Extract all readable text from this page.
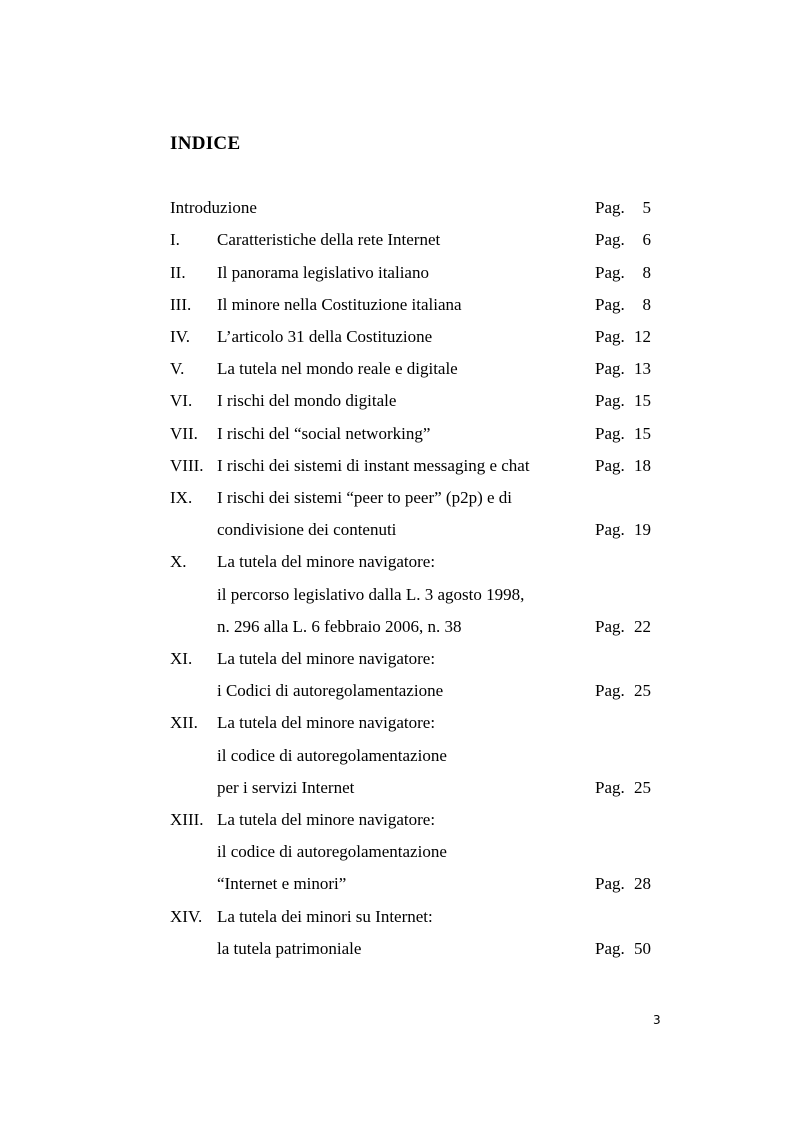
INDICE
Introduzione	Pag. 5
I. Caratteristiche della rete Internet	Pag. 6
II. Il panorama legislativo italiano	Pag. 8
III. Il minore nella Costituzione italiana	Pag. 8
IV. L’articolo 31 della Costituzione	Pag. 12
V. La tutela nel mondo reale e digitale	Pag. 13
VI. I rischi del mondo digitale	Pag. 15
VII. I rischi del “social networking”	Pag. 15
VIII. I rischi dei sistemi di instant messaging e chat	Pag. 18
IX. I rischi dei sistemi “peer to peer” (p2p) e di
condivisione dei contenuti	Pag. 19
X. La tutela del minore navigatore:
il percorso legislativo dalla L. 3 agosto 1998,
n. 296 alla L. 6 febbraio 2006, n. 38	Pag. 22
XI. La tutela del minore navigatore:
i Codici di autoregolamentazione	Pag. 25
XII. La tutela del minore navigatore:
il codice di autoregolamentazione
per i servizi Internet	Pag. 25
XIII. La tutela del minore navigatore:
il codice di autoregolamentazione
“Internet e minori”	Pag. 28
XIV. La tutela dei minori su Internet:
la tutela patrimoniale	Pag. 50
3
